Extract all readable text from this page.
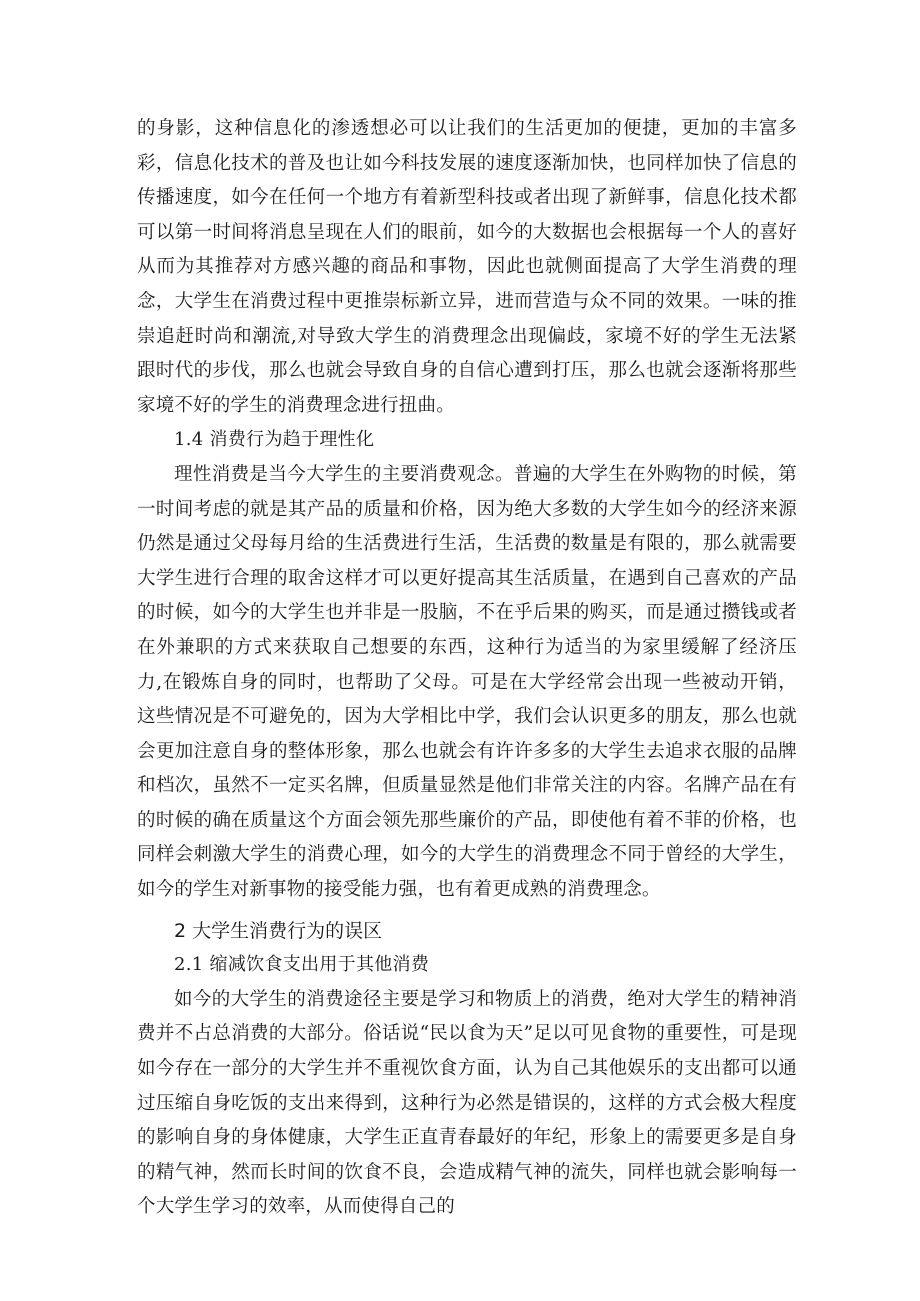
的身影，这种信息化的渗透想必可以让我们的生活更加的便捷，更加的丰富多彩，信息化技术的普及也让如今科技发展的速度逐渐加快，也同样加快了信息的传播速度，如今在任何一个地方有着新型科技或者出现了新鲜事，信息化技术都可以第一时间将消息呈现在人们的眼前，如今的大数据也会根据每一个人的喜好从而为其推荐对方感兴趣的商品和事物，因此也就侧面提高了大学生消费的理念，大学生在消费过程中更推崇标新立异，进而营造与众不同的效果。一味的推崇追赶时尚和潮流,对导致大学生的消费理念出现偏歧，家境不好的学生无法紧跟时代的步伐，那么也就会导致自身的自信心遭到打压，那么也就会逐渐将那些家境不好的学生的消费理念进行扭曲。

1.4 消费行为趋于理性化

理性消费是当今大学生的主要消费观念。普遍的大学生在外购物的时候，第一时间考虑的就是其产品的质量和价格，因为绝大多数的大学生如今的经济来源仍然是通过父母每月给的生活费进行生活，生活费的数量是有限的，那么就需要大学生进行合理的取舍这样才可以更好提高其生活质量，在遇到自己喜欢的产品的时候，如今的大学生也并非是一股脑，不在乎后果的购买，而是通过攒钱或者在外兼职的方式来获取自己想要的东西，这种行为适当的为家里缓解了经济压力,在锻炼自身的同时，也帮助了父母。可是在大学经常会出现一些被动开销，这些情况是不可避免的，因为大学相比中学，我们会认识更多的朋友，那么也就会更加注意自身的整体形象，那么也就会有许许多多的大学生去追求衣服的品牌和档次，虽然不一定买名牌，但质量显然是他们非常关注的内容。名牌产品在有的时候的确在质量这个方面会领先那些廉价的产品，即使他有着不菲的价格，也同样会刺激大学生的消费心理，如今的大学生的消费理念不同于曾经的大学生，如今的学生对新事物的接受能力强，也有着更成熟的消费理念。

2 大学生消费行为的误区

2.1 缩减饮食支出用于其他消费

如今的大学生的消费途径主要是学习和物质上的消费，绝对大学生的精神消费并不占总消费的大部分。俗话说“民以食为天”足以可见食物的重要性，可是现如今存在一部分的大学生并不重视饮食方面，认为自己其他娱乐的支出都可以通过压缩自身吃饭的支出来得到，这种行为必然是错误的，这样的方式会极大程度的影响自身的身体健康，大学生正直青春最好的年纪，形象上的需要更多是自身的精气神，然而长时间的饮食不良，会造成精气神的流失，同样也就会影响每一个大学生学习的效率，从而使得自己的
